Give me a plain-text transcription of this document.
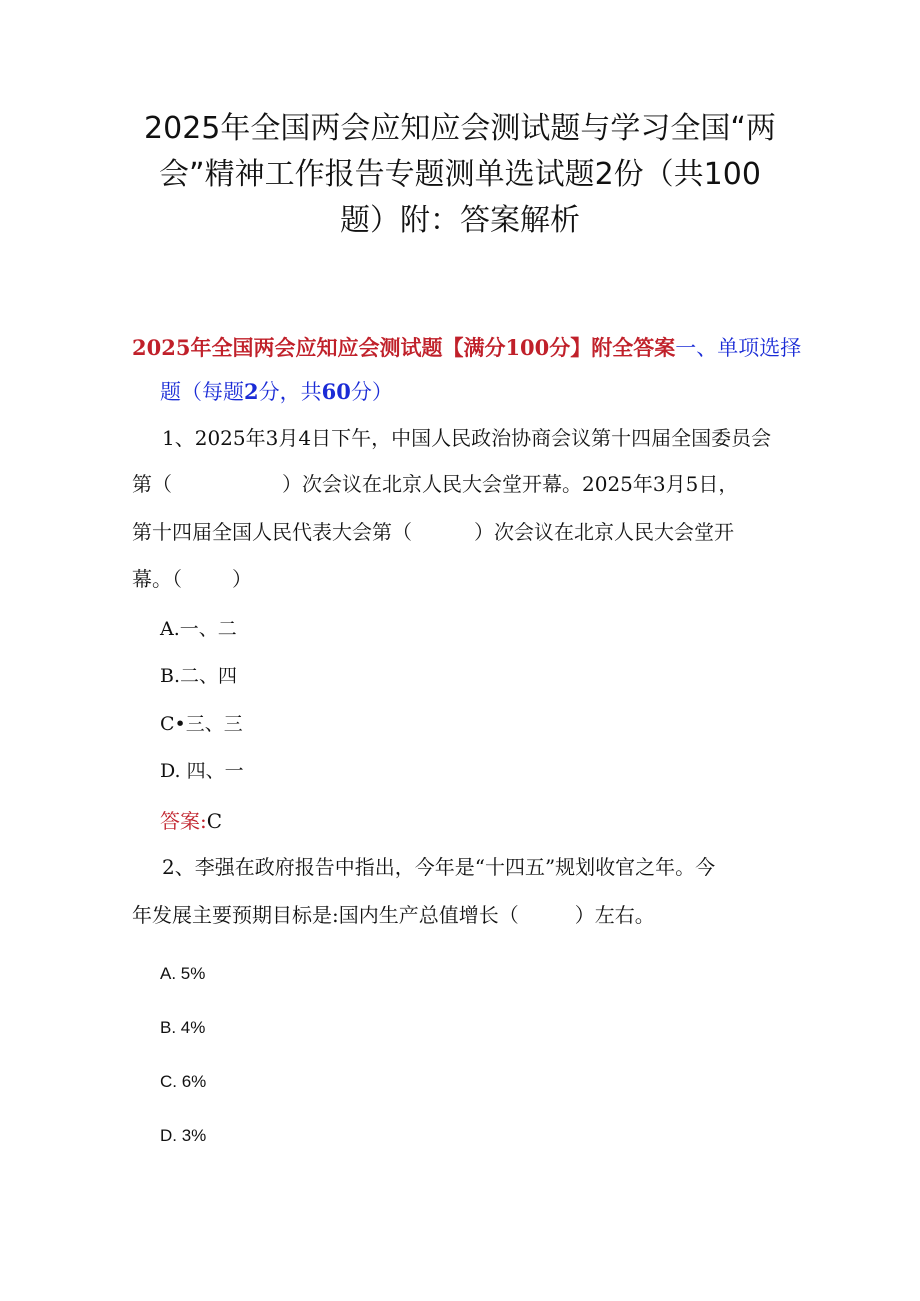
2025年全国两会应知应会测试题与学习全国“两
会”精神工作报告专题测单选试题2份（共100
题）附：答案解析
2025年全国两会应知应会测试题【满分100分】附全答案一、单项选择
题（每题2分，共60分）
1、2025年3月4日下午，中国人民政治协商会议第十四届全国委员会
第（	）次会议在北京人民大会堂开幕。2025年3月5日，
第十四届全国人民代表大会第（	）次会议在北京人民大会堂开
幕。（	）
A.一、二
B.二、四
C•三、三
D. 四、一
答案:C
2、李强在政府报告中指出，今年是“十四五”规划收官之年。今
年发展主要预期目标是:国内生产总值增长（	）左右。
A. 5%
B. 4%
C. 6%
D. 3%
